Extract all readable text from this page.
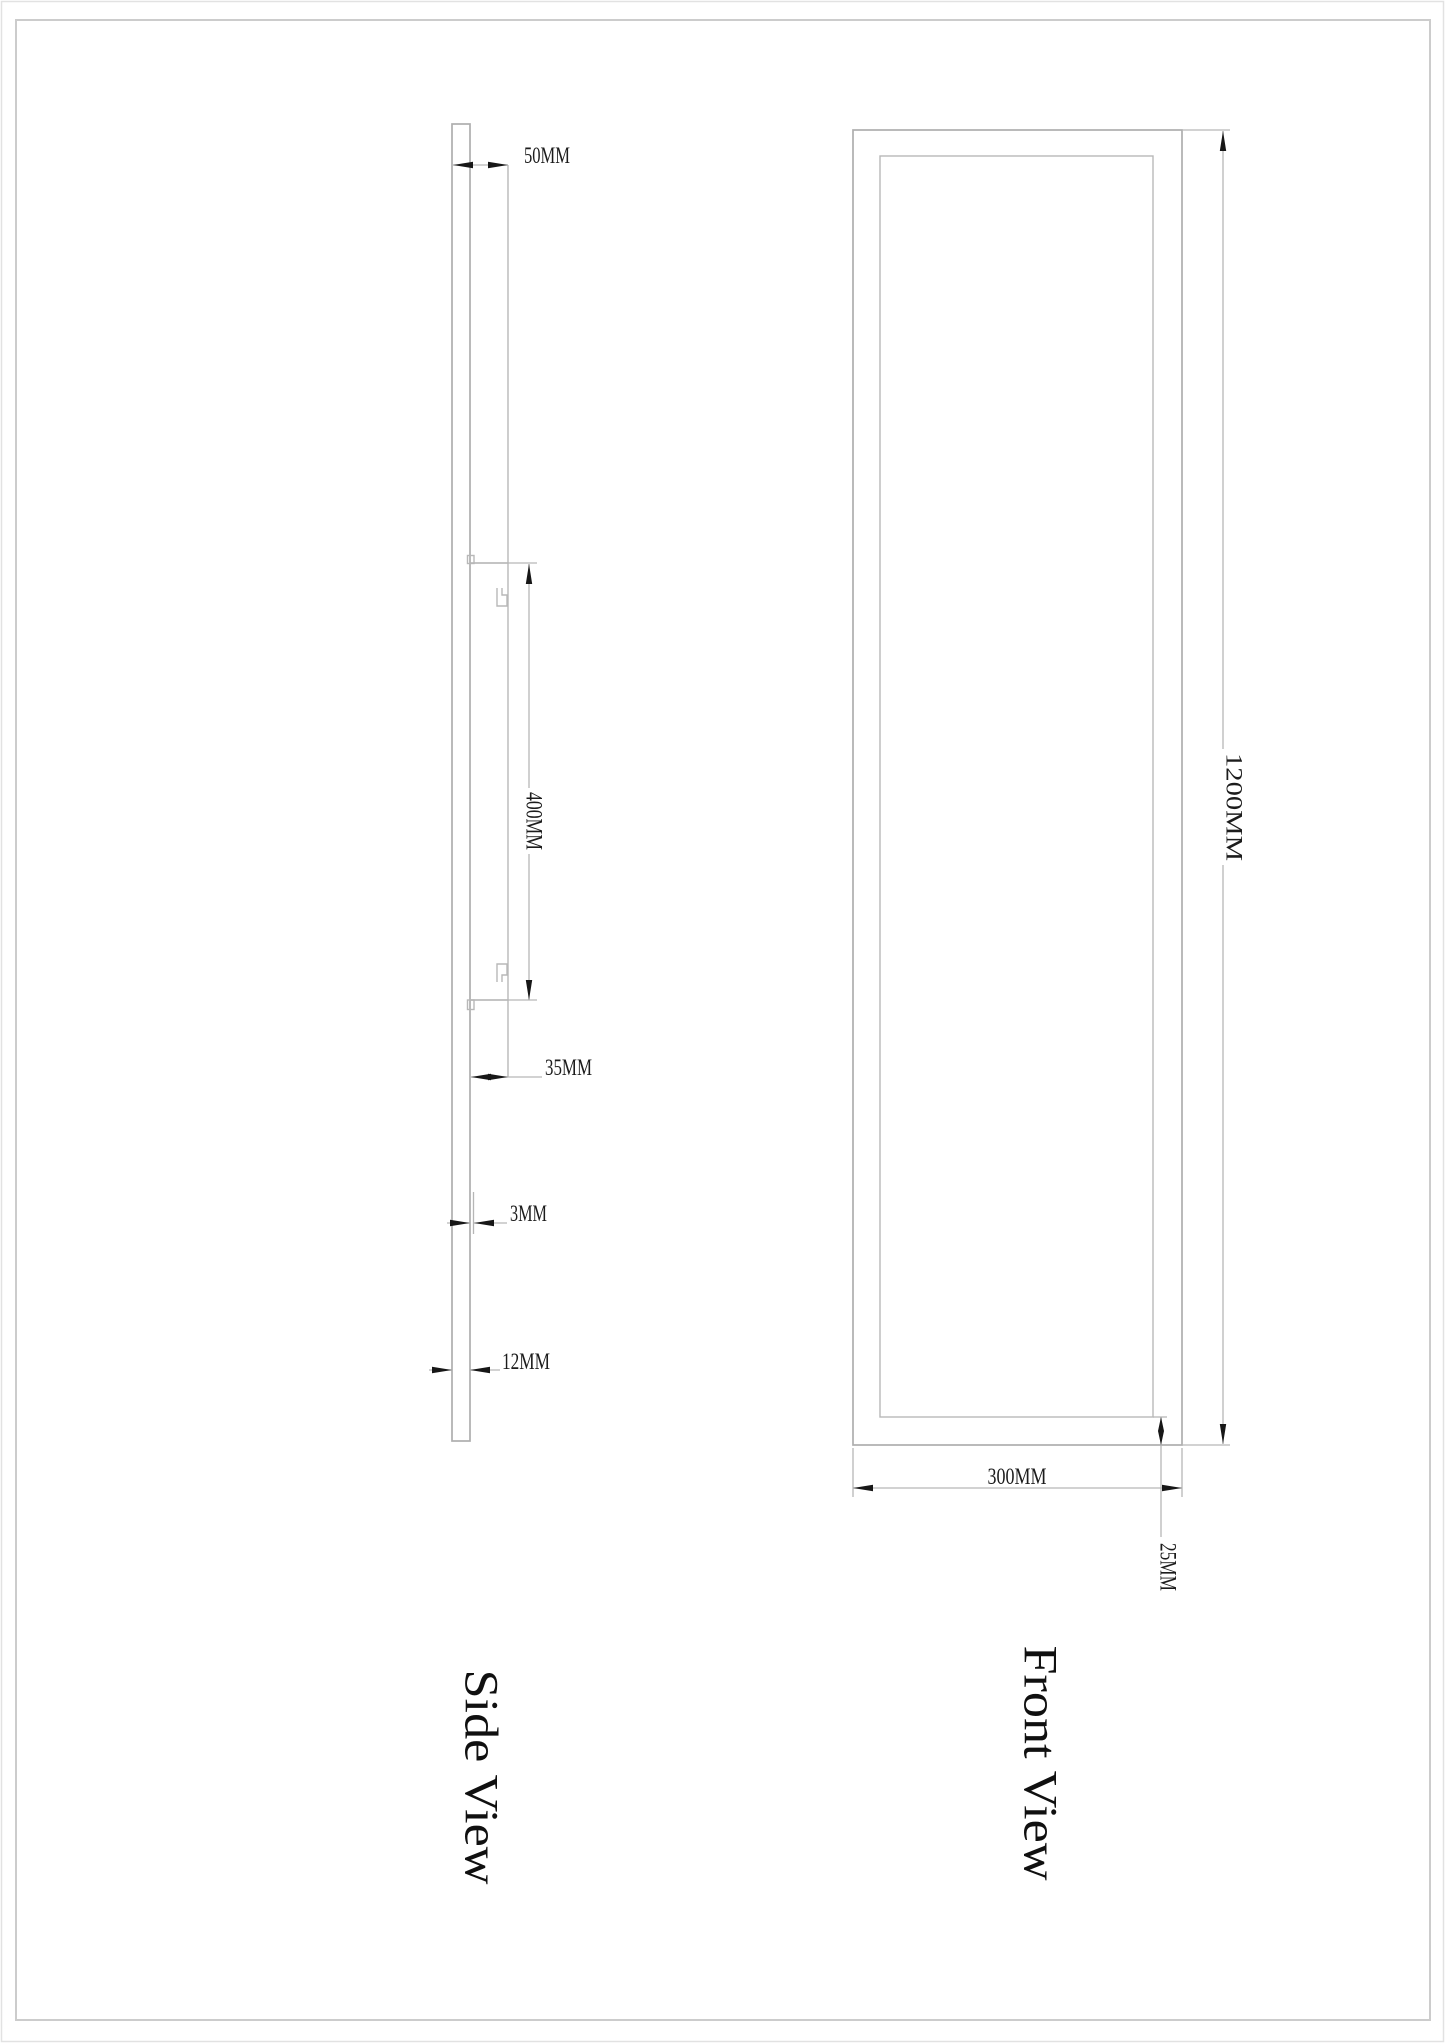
50MM
400MM
35MM
3MM
12MM
1200MM
25MM
300MM
Side View	Front View
